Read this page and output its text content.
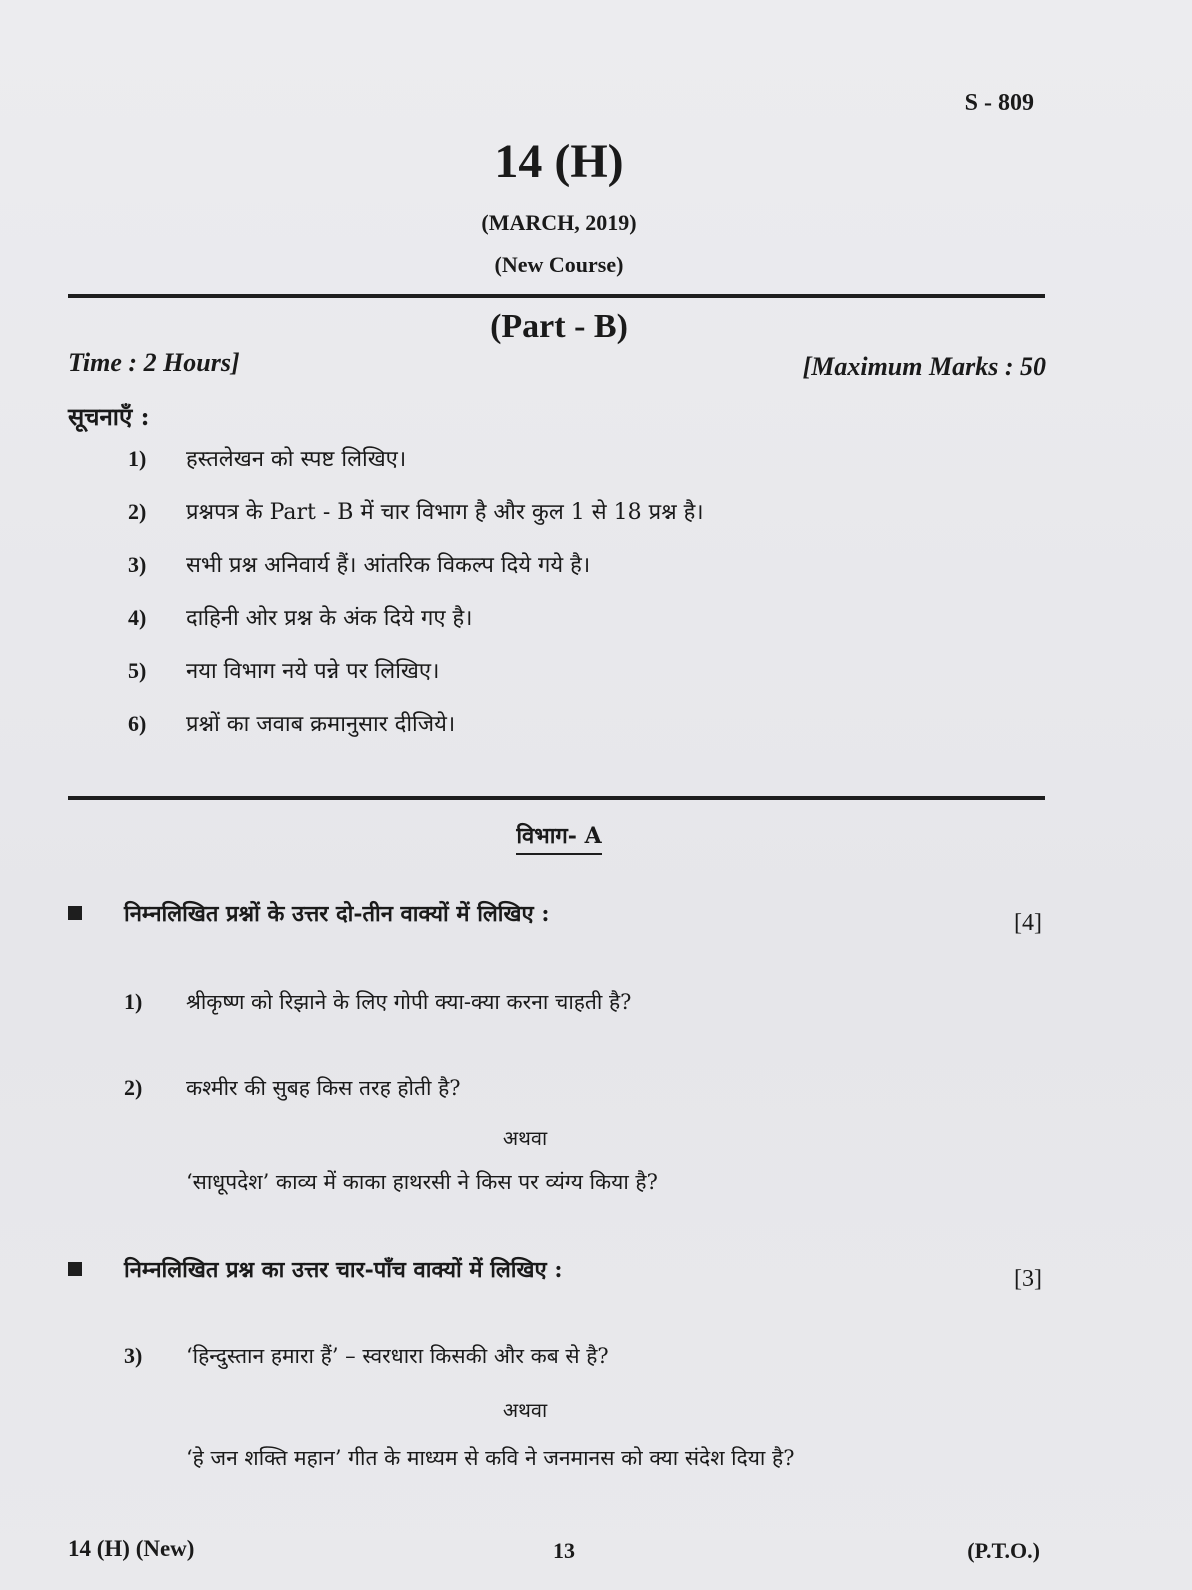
S - 809
14 (H)
(MARCH, 2019)
(New Course)
(Part - B)
Time : 2 Hours]	[Maximum Marks : 50
सूचनाएँ :
1) हस्तलेखन को स्पष्ट लिखिए।
2) प्रश्नपत्र के Part - B में चार विभाग है और कुल 1 से 18 प्रश्न है।
3) सभी प्रश्न अनिवार्य हैं। आंतरिक विकल्प दिये गये है।
4) दाहिनी ओर प्रश्न के अंक दिये गए है।
5) नया विभाग नये पन्ने पर लिखिए।
6) प्रश्नों का जवाब क्रमानुसार दीजिये।
विभाग- A
निम्नलिखित प्रश्नों के उत्तर दो-तीन वाक्यों में लिखिए :	[4]
1) श्रीकृष्ण को रिझाने के लिए गोपी क्या-क्या करना चाहती है?
2) कश्मीर की सुबह किस तरह होती है?
अथवा
‘साधूपदेश’ काव्य में काका हाथरसी ने किस पर व्यंग्य किया है?
निम्नलिखित प्रश्न का उत्तर चार-पाँच वाक्यों में लिखिए :	[3]
3) ‘हिन्दुस्तान हमारा हैं’ – स्वरधारा किसकी और कब से है?
अथवा
‘हे जन शक्ति महान’ गीत के माध्यम से कवि ने जनमानस को क्या संदेश दिया है?
14 (H) (New)	13	(P.T.O.)
